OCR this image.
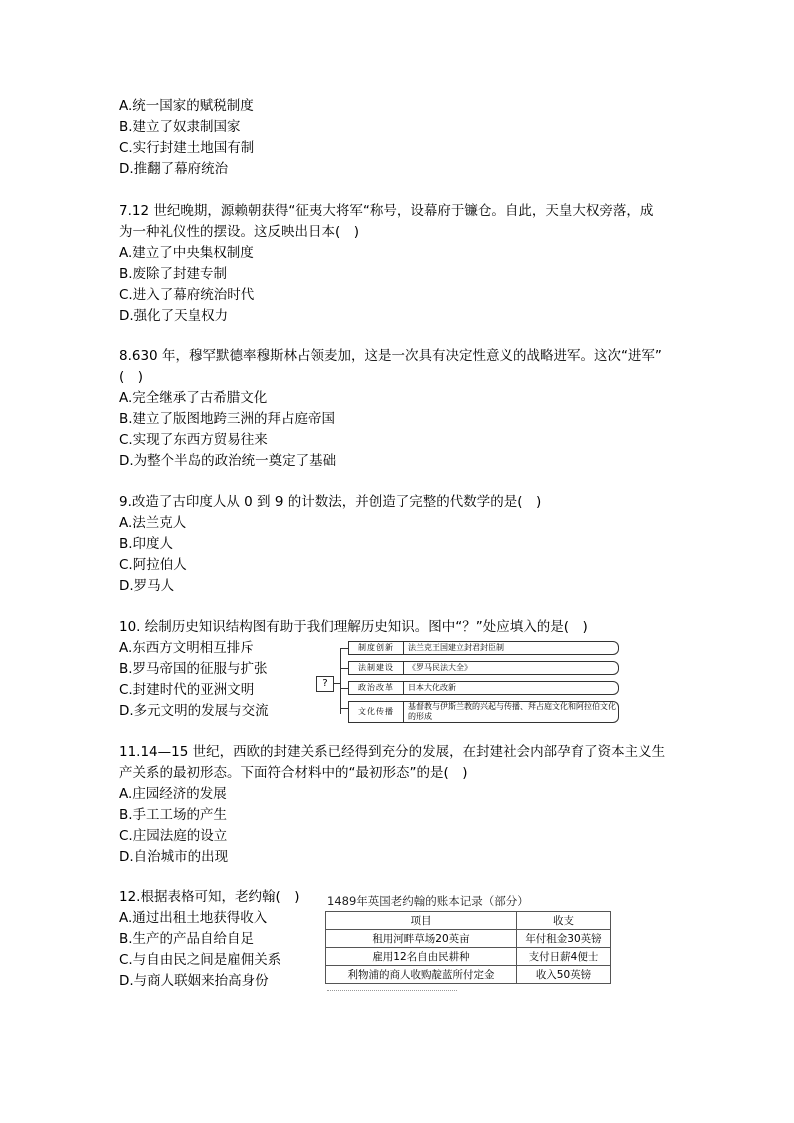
A.统一国家的赋税制度
B.建立了奴隶制国家
C.实行封建土地国有制
D.推翻了幕府统治
7.12 世纪晚期，源赖朝获得“征夷大将军“称号，设幕府于镰仓。自此，天皇大权旁落，成
为一种礼仪性的摆设。这反映出日本(　)
A.建立了中央集权制度
B.废除了封建专制
C.进入了幕府统治时代
D.强化了天皇权力
8.630 年，穆罕默德率穆斯林占领麦加，这是一次具有决定性意义的战略进军。这次“进军”
(　)
A.完全继承了古希腊文化
B.建立了版图地跨三洲的拜占庭帝国
C.实现了东西方贸易往来
D.为整个半岛的政治统一奠定了基础
9.改造了古印度人从 0 到 9 的计数法，并创造了完整的代数学的是(　)
A.法兰克人
B.印度人
C.阿拉伯人
D.罗马人
10. 绘制历史知识结构图有助于我们理解历史知识。图中“？”处应填入的是(　)
A.东西方文明相互排斥
B.罗马帝国的征服与扩张
C.封建时代的亚洲文明
D.多元文明的发展与交流
?
制度创新	法兰克王国建立封君封臣制
法制建设	《罗马民法大全》
政治改革	日本大化改新
文化传播
基督教与伊斯兰教的兴起与传播、拜占庭文化和阿拉伯文化的形成
11.14—15 世纪，西欧的封建关系已经得到充分的发展，在封建社会内部孕育了资本主义生
产关系的最初形态。下面符合材料中的“最初形态”的是(　)
A.庄园经济的发展
B.手工工场的产生
C.庄园法庭的设立
D.自治城市的出现
12.根据表格可知，老约翰(　)
A.通过出租土地获得收入
B.生产的产品自给自足
C.与自由民之间是雇佣关系
D.与商人联姻来抬高身份
1489年英国老约翰的账本记录（部分）
项目	收支
租用河畔草场20英亩	年付租金30英镑
雇用12名自由民耕种	支付日薪4便士
利物浦的商人收购靛蓝所付定金	收入50英镑
